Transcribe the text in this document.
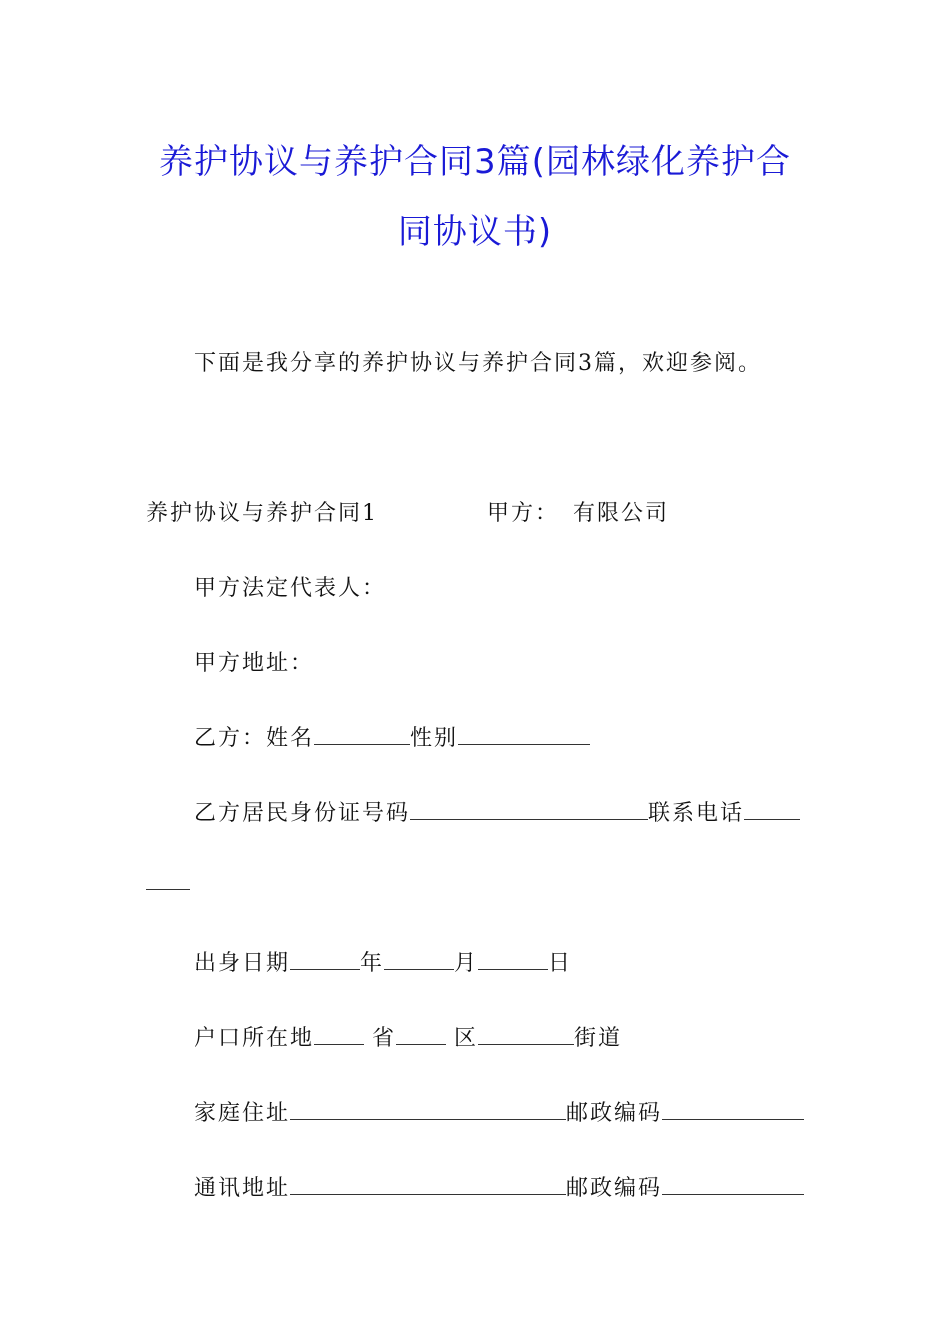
养护协议与养护合同3篇(园林绿化养护合
同协议书)
下面是我分享的养护协议与养护合同3篇，欢迎参阅。
养护协议与养护合同1	甲方： 有限公司
甲方法定代表人：
甲方地址：
乙方：姓名	性别
乙方居民身份证号码	联系电话
出身日期	年	月	日
户口所在地	省	区	街道
家庭住址	邮政编码
通讯地址	邮政编码
